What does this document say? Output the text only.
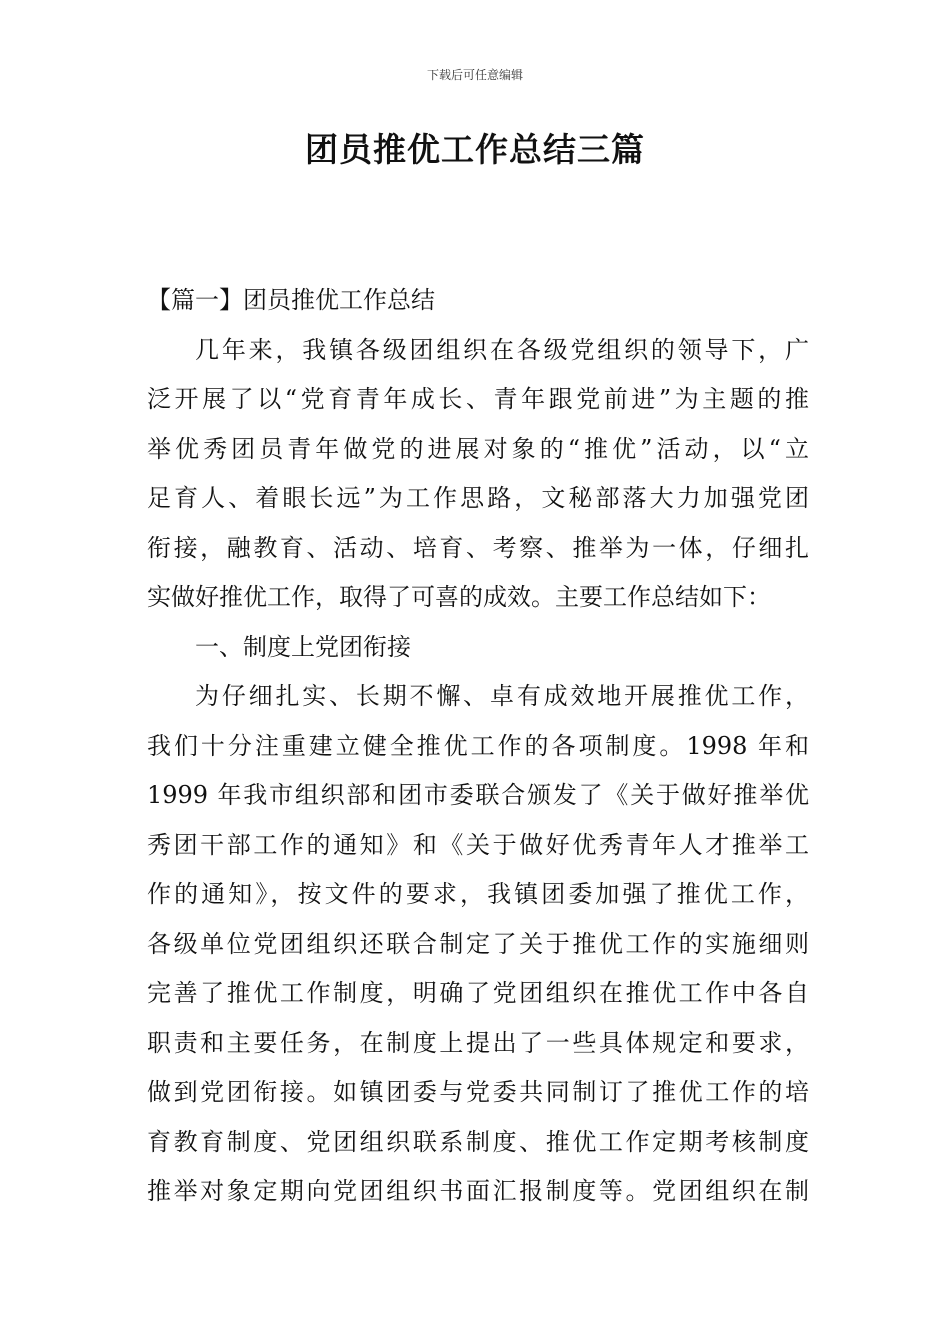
下载后可任意编辑
团员推优工作总结三篇
【篇一】团员推优工作总结
几年来，我镇各级团组织在各级党组织的领导下，广
泛开展了以“党育青年成长、青年跟党前进”为主题的推
举优秀团员青年做党的进展对象的“推优”活动，以“立
足育人、着眼长远”为工作思路，文秘部落大力加强党团
衔接，融教育、活动、培育、考察、推举为一体，仔细扎
实做好推优工作，取得了可喜的成效。主要工作总结如下：
一、制度上党团衔接
为仔细扎实、长期不懈、卓有成效地开展推优工作，
我们十分注重建立健全推优工作的各项制度。1998 年和
1999 年我市组织部和团市委联合颁发了《关于做好推举优
秀团干部工作的通知》和《关于做好优秀青年人才推举工
作的通知》，按文件的要求，我镇团委加强了推优工作，
各级单位党团组织还联合制定了关于推优工作的实施细则
完善了推优工作制度，明确了党团组织在推优工作中各自
职责和主要任务，在制度上提出了一些具体规定和要求，
做到党团衔接。如镇团委与党委共同制订了推优工作的培
育教育制度、党团组织联系制度、推优工作定期考核制度
推举对象定期向党团组织书面汇报制度等。党团组织在制
